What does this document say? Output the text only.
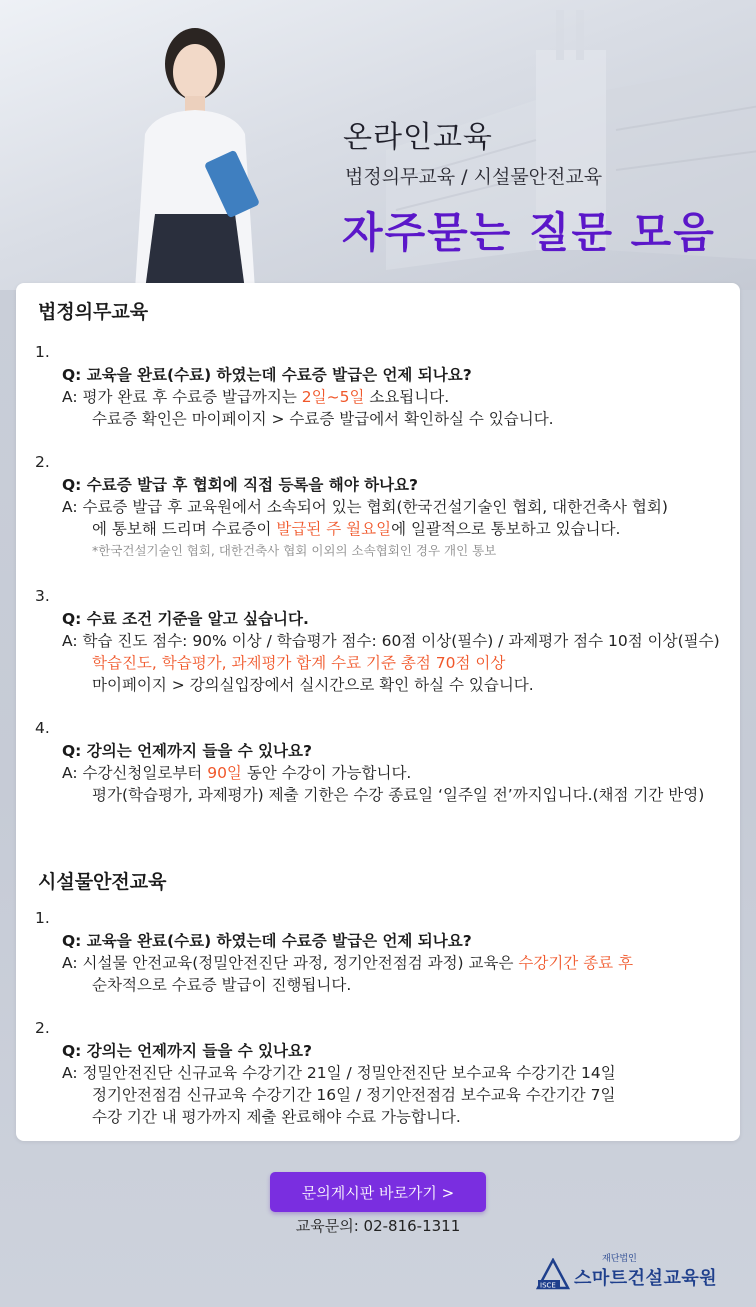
온라인교육
법정의무교육 / 시설물안전교육
자주묻는 질문 모음
법정의무교육
1.
Q: 교육을 완료(수료) 하였는데 수료증 발급은 언제 되나요?
A: 평가 완료 후 수료증 발급까지는 2일~5일 소요됩니다.
수료증 확인은 마이페이지 > 수료증 발급에서 확인하실 수 있습니다.
2.
Q: 수료증 발급 후 협회에 직접 등록을 해야 하나요?
A: 수료증 발급 후 교육원에서 소속되어 있는 협회(한국건설기술인 협회, 대한건축사 협회)
에 통보해 드리며 수료증이 발급된 주 월요일에 일괄적으로 통보하고 있습니다.
*한국건설기술인 협회, 대한건축사 협회 이외의 소속협회인 경우 개인 통보
3.
Q: 수료 조건 기준을 알고 싶습니다.
A: 학습 진도 점수: 90% 이상 / 학습평가 점수: 60점 이상(필수) / 과제평가 점수 10점 이상(필수)
학습진도, 학습평가, 과제평가 합계 수료 기준 총점 70점 이상
마이페이지 > 강의실입장에서 실시간으로 확인 하실 수 있습니다.
4.
Q: 강의는 언제까지 들을 수 있나요?
A: 수강신청일로부터 90일 동안 수강이 가능합니다.
평가(학습평가, 과제평가) 제출 기한은 수강 종료일 ‘일주일 전’까지입니다.(채점 기간 반영)
시설물안전교육
1.
Q: 교육을 완료(수료) 하였는데 수료증 발급은 언제 되나요?
A: 시설물 안전교육(정밀안전진단 과정, 정기안전점검 과정) 교육은 수강기간 종료 후
순차적으로 수료증 발급이 진행됩니다.
2.
Q: 강의는 언제까지 들을 수 있나요?
A: 정밀안전진단 신규교육 수강기간 21일 / 정밀안전진단 보수교육 수강기간 14일
정기안전점검 신규교육 수강기간 16일 / 정기안전점검 보수교육 수간기간 7일
수강 기간 내 평가까지 제출 완료해야 수료 가능합니다.
문의게시판 바로가기 >
교육문의: 02-816-1311
ISCE
재단법인
스마트건설교육원
